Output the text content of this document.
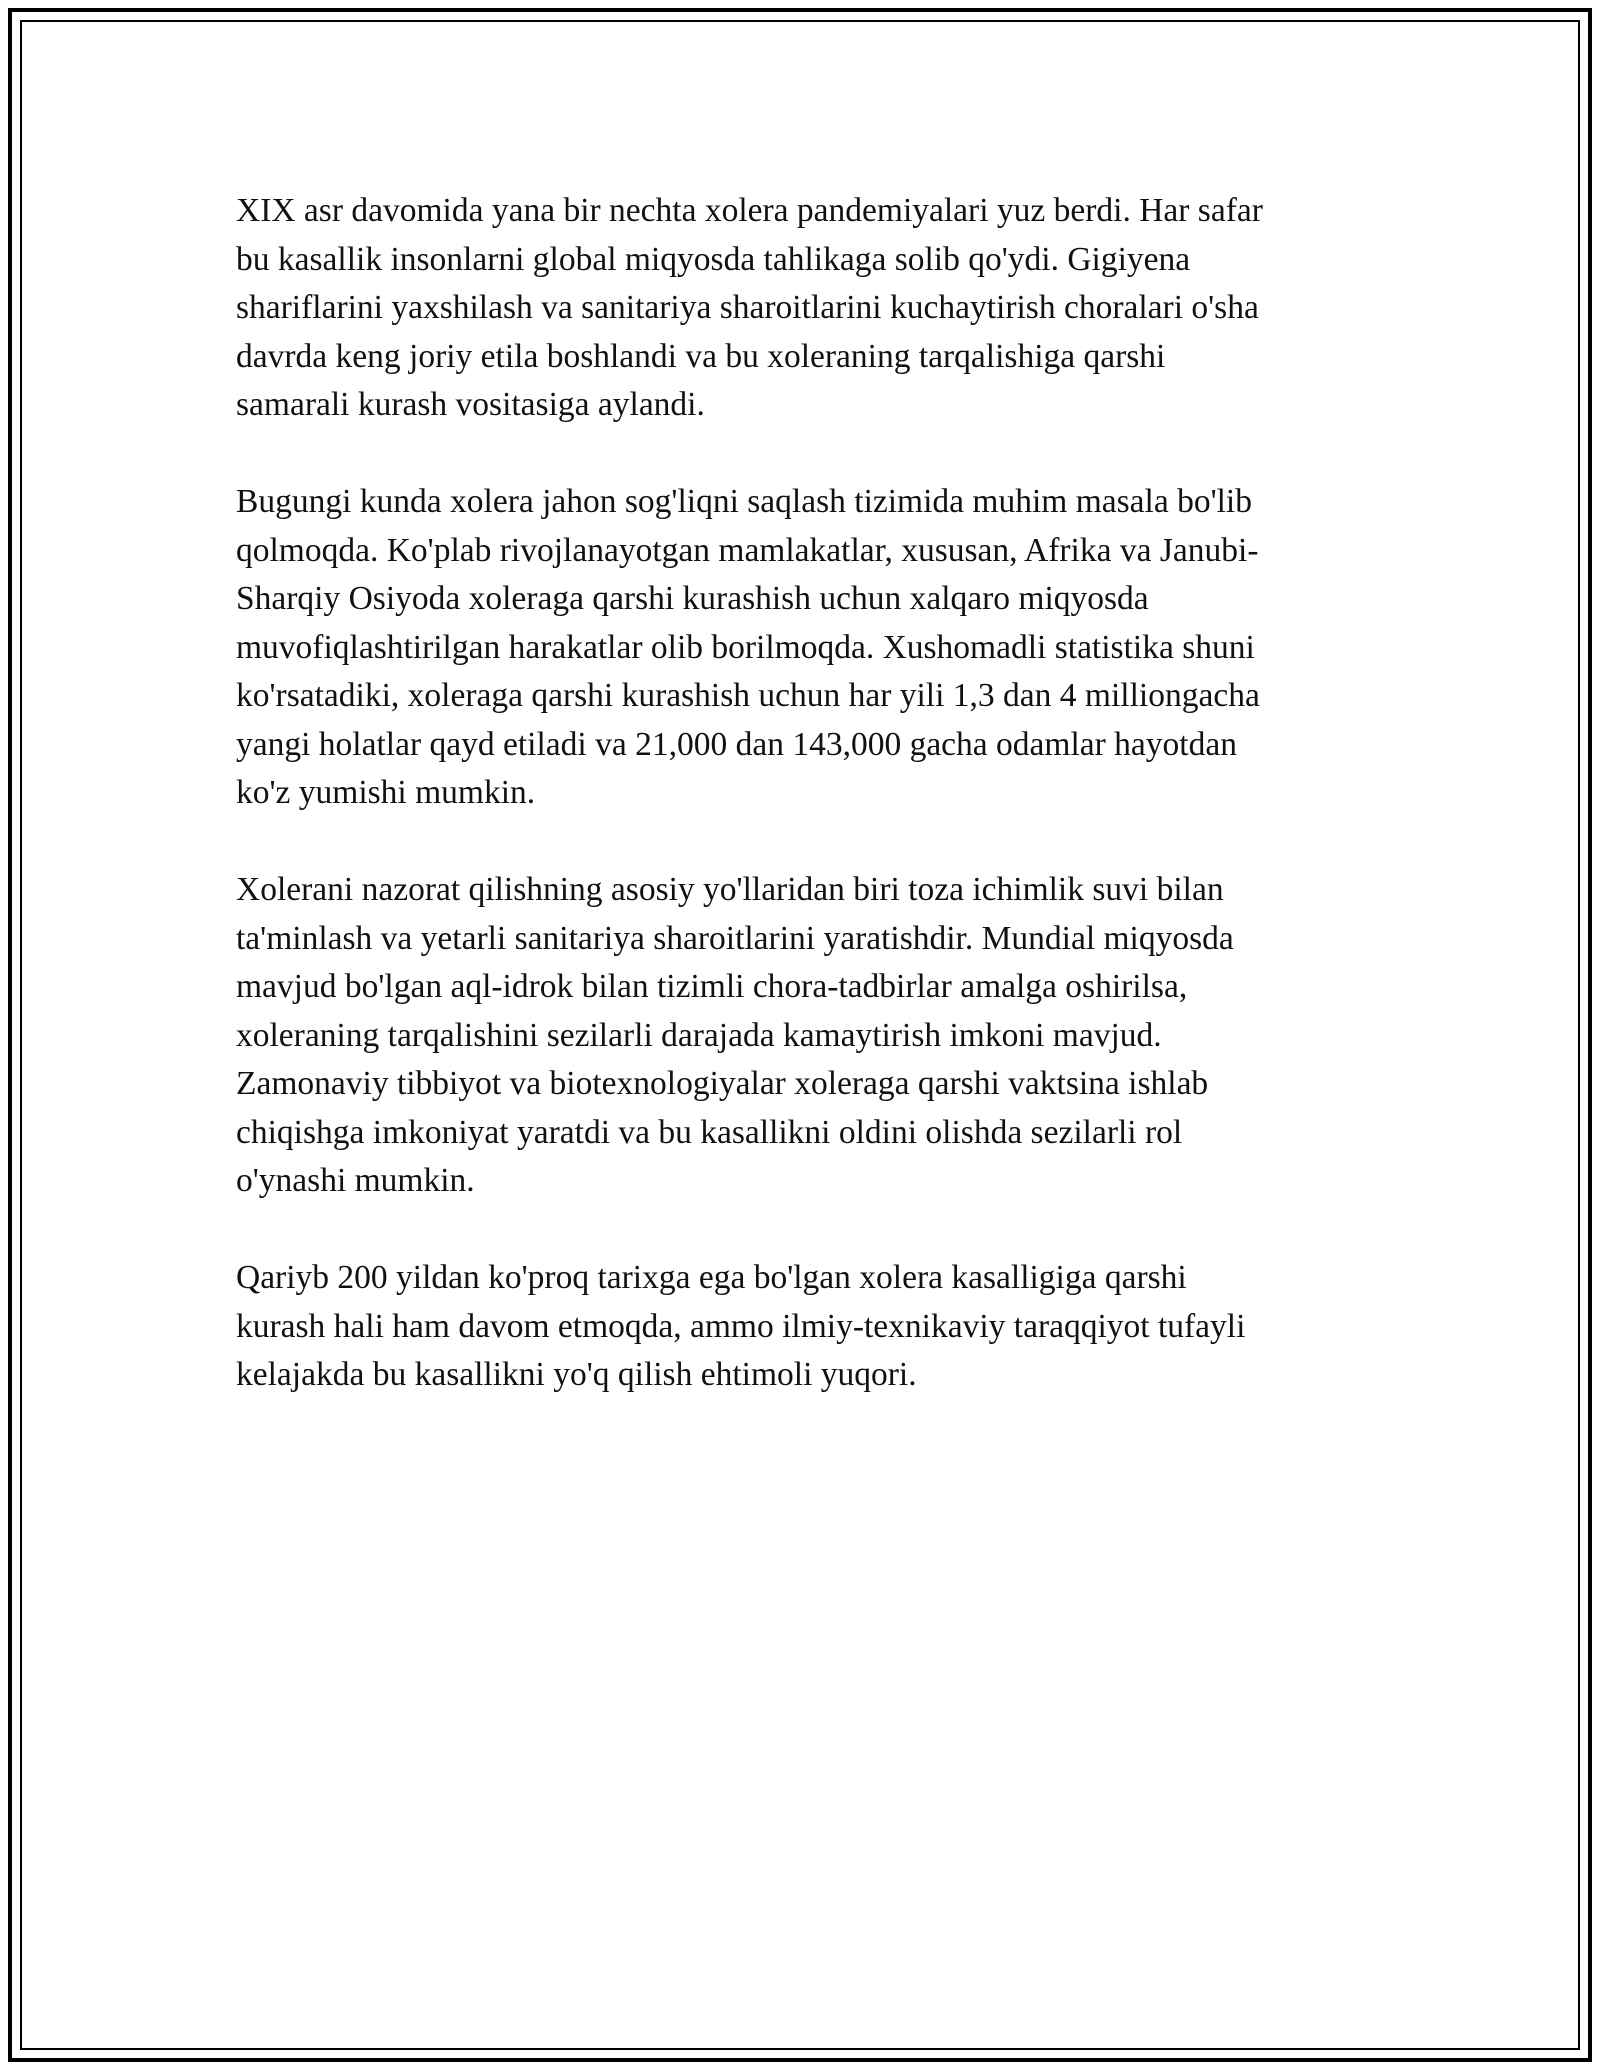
XIX asr davomida yana bir nechta xolera pandemiyalari yuz berdi. Har safar
bu kasallik insonlarni global miqyosda tahlikaga solib qo'ydi. Gigiyena
shariflarini yaxshilash va sanitariya sharoitlarini kuchaytirish choralari o'sha
davrda keng joriy etila boshlandi va bu xoleraning tarqalishiga qarshi
samarali kurash vositasiga aylandi.

Bugungi kunda xolera jahon sog'liqni saqlash tizimida muhim masala bo'lib
qolmoqda. Ko'plab rivojlanayotgan mamlakatlar, xususan, Afrika va Janubi-
Sharqiy Osiyoda xoleraga qarshi kurashish uchun xalqaro miqyosda
muvofiqlashtirilgan harakatlar olib borilmoqda. Xushomadli statistika shuni
ko'rsatadiki, xoleraga qarshi kurashish uchun har yili 1,3 dan 4 milliongacha
yangi holatlar qayd etiladi va 21,000 dan 143,000 gacha odamlar hayotdan
ko'z yumishi mumkin.

Xolerani nazorat qilishning asosiy yo'llaridan biri toza ichimlik suvi bilan
ta'minlash va yetarli sanitariya sharoitlarini yaratishdir. Mundial miqyosda
mavjud bo'lgan aql-idrok bilan tizimli chora-tadbirlar amalga oshirilsa,
xoleraning tarqalishini sezilarli darajada kamaytirish imkoni mavjud.
Zamonaviy tibbiyot va biotexnologiyalar xoleraga qarshi vaktsina ishlab
chiqishga imkoniyat yaratdi va bu kasallikni oldini olishda sezilarli rol
o'ynashi mumkin.

Qariyb 200 yildan ko'proq tarixga ega bo'lgan xolera kasalligiga qarshi
kurash hali ham davom etmoqda, ammo ilmiy-texnikaviy taraqqiyot tufayli
kelajakda bu kasallikni yo'q qilish ehtimoli yuqori.
